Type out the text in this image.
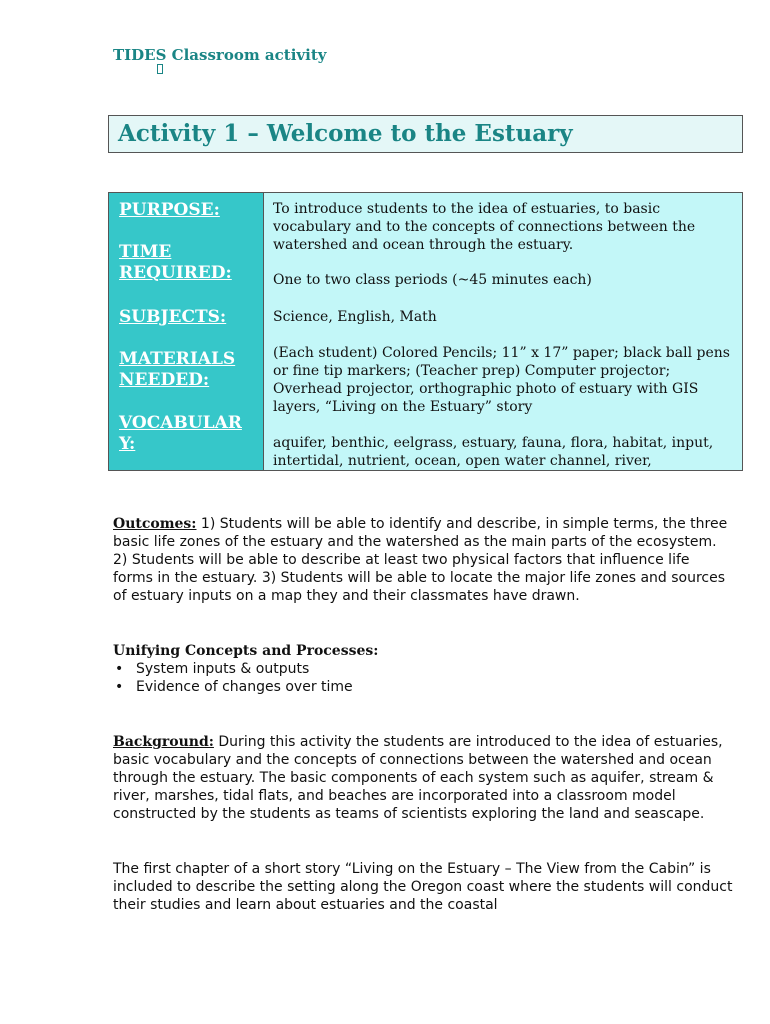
TIDES Classroom activity
Activity 1 – Welcome to the Estuary
PURPOSE:
TIME REQUIRED:
SUBJECTS:
MATERIALS NEEDED:
VOCABULARY:
To introduce students to the idea of estuaries, to basic vocabulary and to the concepts of connections between the watershed and ocean through the estuary.
One to two class periods (~45 minutes each)
Science, English, Math
(Each student) Colored Pencils; 11” x 17” paper; black ball pens or fine tip markers; (Teacher prep) Computer projector; Overhead projector, orthographic photo of estuary with GIS layers, “Living on the Estuary” story
aquifer, benthic, eelgrass, estuary, fauna, flora, habitat, input, intertidal, nutrient, ocean, open water channel, river,
Outcomes: 1) Students will be able to identify and describe, in simple terms, the three basic life zones of the estuary and the watershed as the main parts of the ecosystem. 2) Students will be able to describe at least two physical factors that influence life forms in the estuary. 3) Students will be able to locate the major life zones and sources of estuary inputs on a map they and their classmates have drawn.
Unifying Concepts and Processes:
• System inputs & outputs
• Evidence of changes over time
Background: During this activity the students are introduced to the idea of estuaries, basic vocabulary and the concepts of connections between the watershed and ocean through the estuary. The basic components of each system such as aquifer, stream & river, marshes, tidal flats, and beaches are incorporated into a classroom model constructed by the students as teams of scientists exploring the land and seascape.
The first chapter of a short story “Living on the Estuary – The View from the Cabin” is included to describe the setting along the Oregon coast where the students will conduct their studies and learn about estuaries and the coastal
